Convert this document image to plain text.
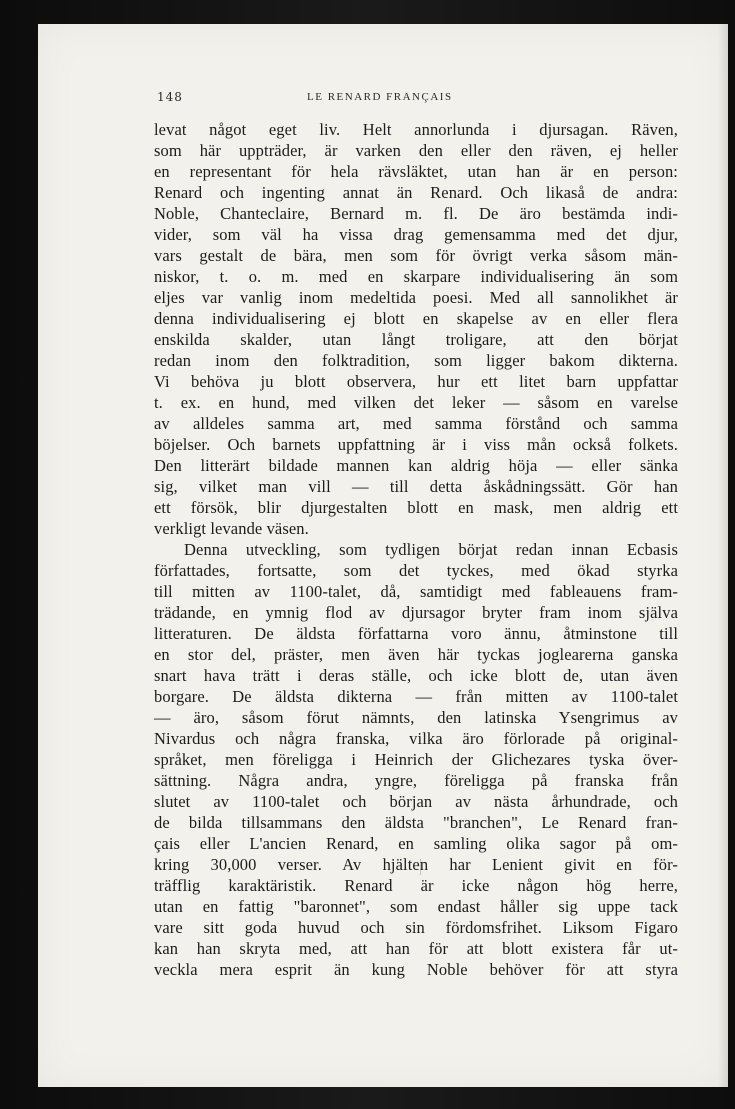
148	LE RENARD FRANÇAIS
levat något eget liv. Helt annorlunda i djursagan. Räven,
som här uppträder, är varken den eller den räven, ej heller
en representant för hela rävsläktet, utan han är en person:
Renard och ingenting annat än Renard. Och likaså de andra:
Noble, Chanteclaire, Bernard m. fl. De äro bestämda indi-
vider, som väl ha vissa drag gemensamma med det djur,
vars gestalt de bära, men som för övrigt verka såsom män-
niskor, t. o. m. med en skarpare individualisering än som
eljes var vanlig inom medeltida poesi. Med all sannolikhet är
denna individualisering ej blott en skapelse av en eller flera
enskilda skalder, utan långt troligare, att den börjat
redan inom den folktradition, som ligger bakom dikterna.
Vi behöva ju blott observera, hur ett litet barn uppfattar
t. ex. en hund, med vilken det leker — såsom en varelse
av alldeles samma art, med samma förstånd och samma
böjelser. Och barnets uppfattning är i viss mån också folkets.
Den litterärt bildade mannen kan aldrig höja — eller sänka
sig, vilket man vill — till detta åskådningssätt. Gör han
ett försök, blir djurgestalten blott en mask, men aldrig ett
verkligt levande väsen.
Denna utveckling, som tydligen börjat redan innan Ecbasis
författades, fortsatte, som det tyckes, med ökad styrka
till mitten av 1100-talet, då, samtidigt med fableauens fram-
trädande, en ymnig flod av djursagor bryter fram inom själva
litteraturen. De äldsta författarna voro ännu, åtminstone till
en stor del, präster, men även här tyckas joglearerna ganska
snart hava trätt i deras ställe, och icke blott de, utan även
borgare. De äldsta dikterna — från mitten av 1100-talet
— äro, såsom förut nämnts, den latinska Ysengrimus av
Nivardus och några franska, vilka äro förlorade på original-
språket, men föreligga i Heinrich der Glichezares tyska över-
sättning. Några andra, yngre, föreligga på franska från
slutet av 1100-talet och början av nästa århundrade, och
de bilda tillsammans den äldsta "branchen", Le Renard fran-
çais eller L'ancien Renard, en samling olika sagor på om-
kring 30,000 verser. Av hjälten har Lenient givit en för-
träfflig karaktäristik. Renard är icke någon hög herre,
utan en fattig "baronnet", som endast håller sig uppe tack
vare sitt goda huvud och sin fördomsfrihet. Liksom Figaro
kan han skryta med, att han för att blott existera får ut-
veckla mera esprit än kung Noble behöver för att styra
